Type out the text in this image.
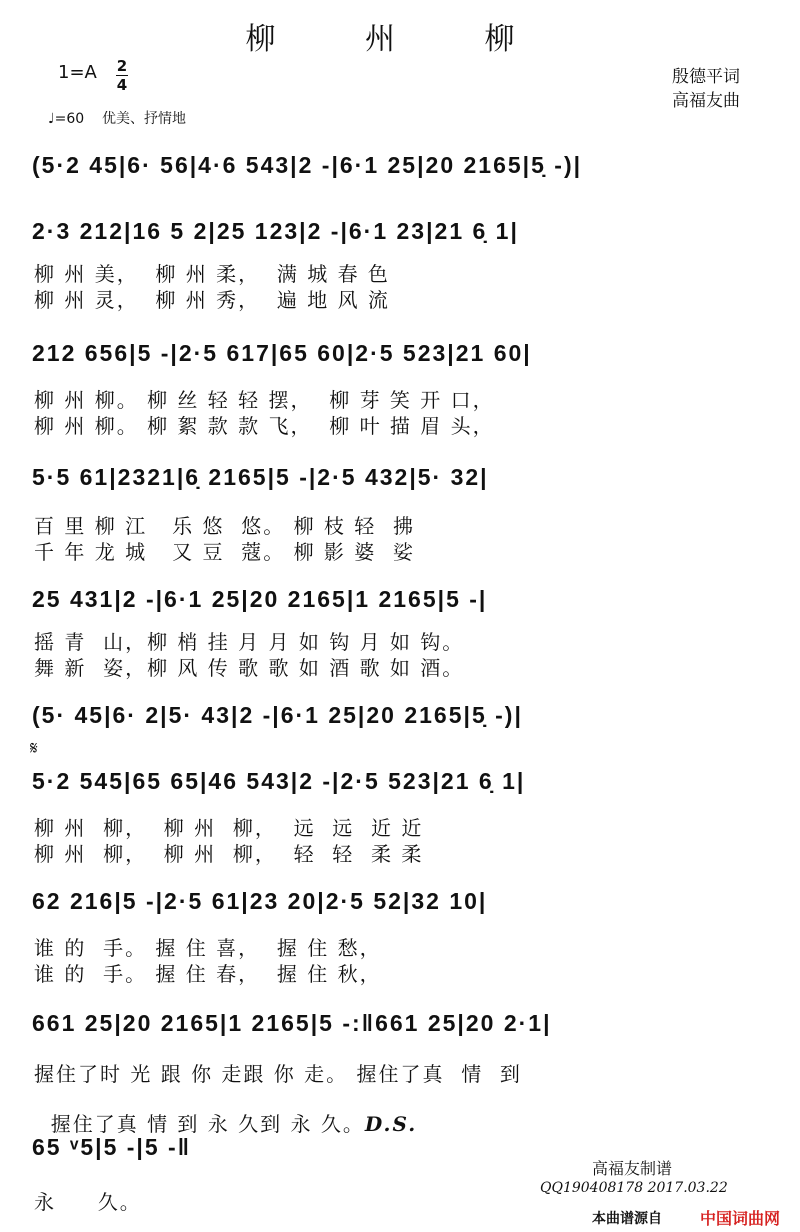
柳 州 柳
1=A 2
4
♩=60 优美、抒情地
殷德平词
高福友曲
(5·2 45|6· 56|4·6 543|2 -|6·1 25|20 2165|5̣ -)|
2·3 212|16 5 2|25 123|2 -|6·1 23|21 6̣ 1|
柳 州 美，  柳 州 柔，  满 城 春 色
柳 州 灵，  柳 州 秀，  遍 地 风 流
212 656|5 -|2·5 617|65 60|2·5 523|21 60|
柳 州 柳。 柳 丝 轻 轻 摆，  柳 芽 笑 开 口，
柳 州 柳。 柳 絮 款 款 飞，  柳 叶 描 眉 头，
5·5 61|2321|6̣ 2165|5 -|2·5 432|5· 32|
百 里 柳 江   乐 悠  悠。 柳 枝 轻  拂
千 年 龙 城   又 豆  蔻。 柳 影 婆  娑
25 431|2 -|6·1 25|20 2165|1 2165|5 -|
摇 青  山，柳 梢 挂 月 月 如 钩 月 如 钩。
舞 新  姿，柳 风 传 歌 歌 如 酒 歌 如 酒。
(5· 45|6· 2|5· 43|2 -|6·1 25|20 2165|5̣ -)|
𝄋
5·2 545|65 65|46 543|2 -|2·5 523|21 6̣ 1|
柳 州  柳，  柳 州  柳，  远  远  近 近
柳 州  柳，  柳 州  柳，  轻  轻  柔 柔
62 216|5 -|2·5 61|23 20|2·5 52|32 10|
谁 的  手。 握 住 喜，  握 住 愁，
谁 的  手。 握 住 春，  握 住 秋，
661 25|20 2165|1 2165|5 -:‖661 25|20 2·1|
握住了时 光 跟 你 走跟 你 走。 握住了真  情  到

握住了真 情 到 永 久到 永 久。D.S.

65 ᵛ5|5 -|5 -‖
永     久。
高福友制谱
QQ190408178 2017.03.22
本曲谱源自 中国词曲网
